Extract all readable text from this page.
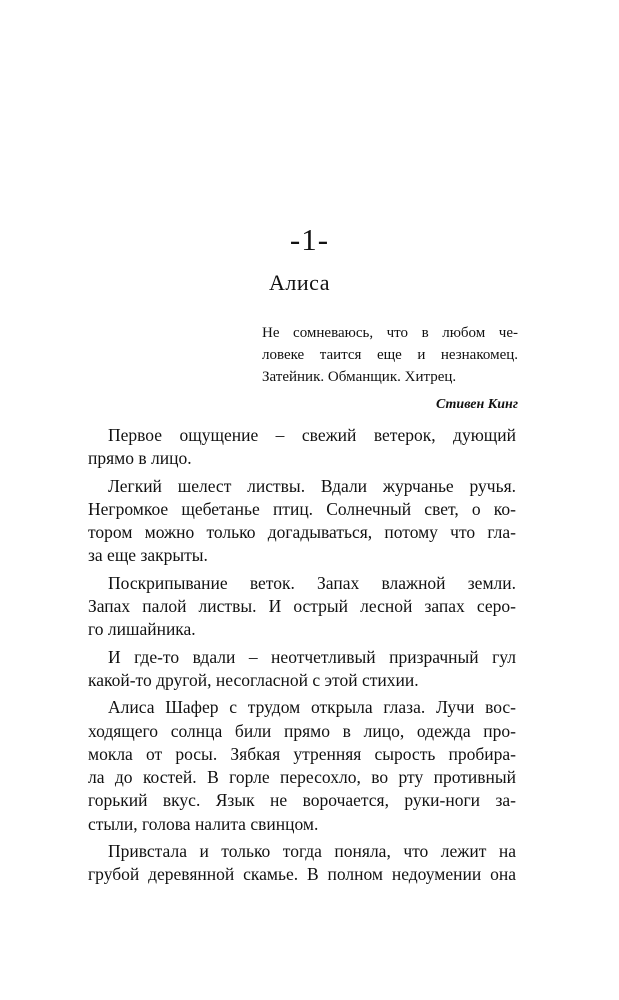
-1-
Алиса
Не сомневаюсь, что в любом че-
ловеке таится еще и незнакомец.
Затейник. Обманщик. Хитрец.
Стивен Кинг
Первое ощущение – свежий ветерок, дующий
прямо в лицо.
Легкий шелест листвы. Вдали журчанье ручья.
Негромкое щебетанье птиц. Солнечный свет, о ко-
тором можно только догадываться, потому что гла-
за еще закрыты.
Поскрипывание веток. Запах влажной земли.
Запах палой листвы. И острый лесной запах серо-
го лишайника.
И где-то вдали – неотчетливый призрачный гул
какой-то другой, несогласной с этой стихии.
Алиса Шафер с трудом открыла глаза. Лучи вос-
ходящего солнца били прямо в лицо, одежда про-
мокла от росы. Зябкая утренняя сырость пробира-
ла до костей. В горле пересохло, во рту противный
горький вкус. Язык не ворочается, руки-ноги за-
стыли, голова налита свинцом.
Привстала и только тогда поняла, что лежит на
грубой деревянной скамье. В полном недоумении она
